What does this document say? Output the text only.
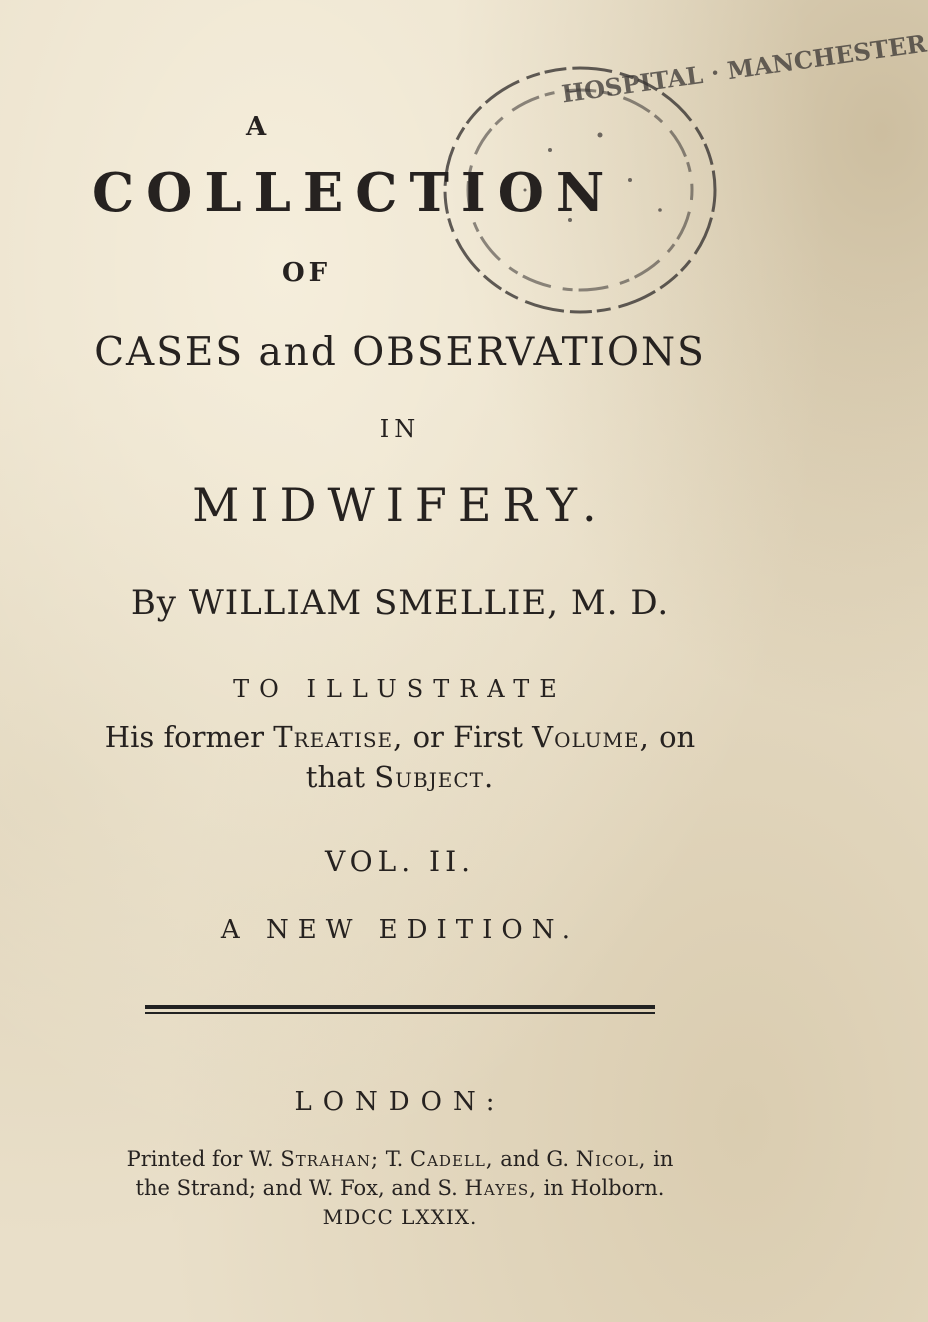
HOSPITAL · MANCHESTER
A
COLLECTION
OF
CASES and OBSERVATIONS
IN
MIDWIFERY.
By WILLIAM SMELLIE, M. D.
TO ILLUSTRATE
His former Treatise, or First Volume, on
that Subject.
VOL. II.
A NEW EDITION.
LONDON:
Printed for W. Strahan; T. Cadell, and G. Nicol, in
the Strand; and W. Fox, and S. Hayes, in Holborn.
MDCC LXXIX.
